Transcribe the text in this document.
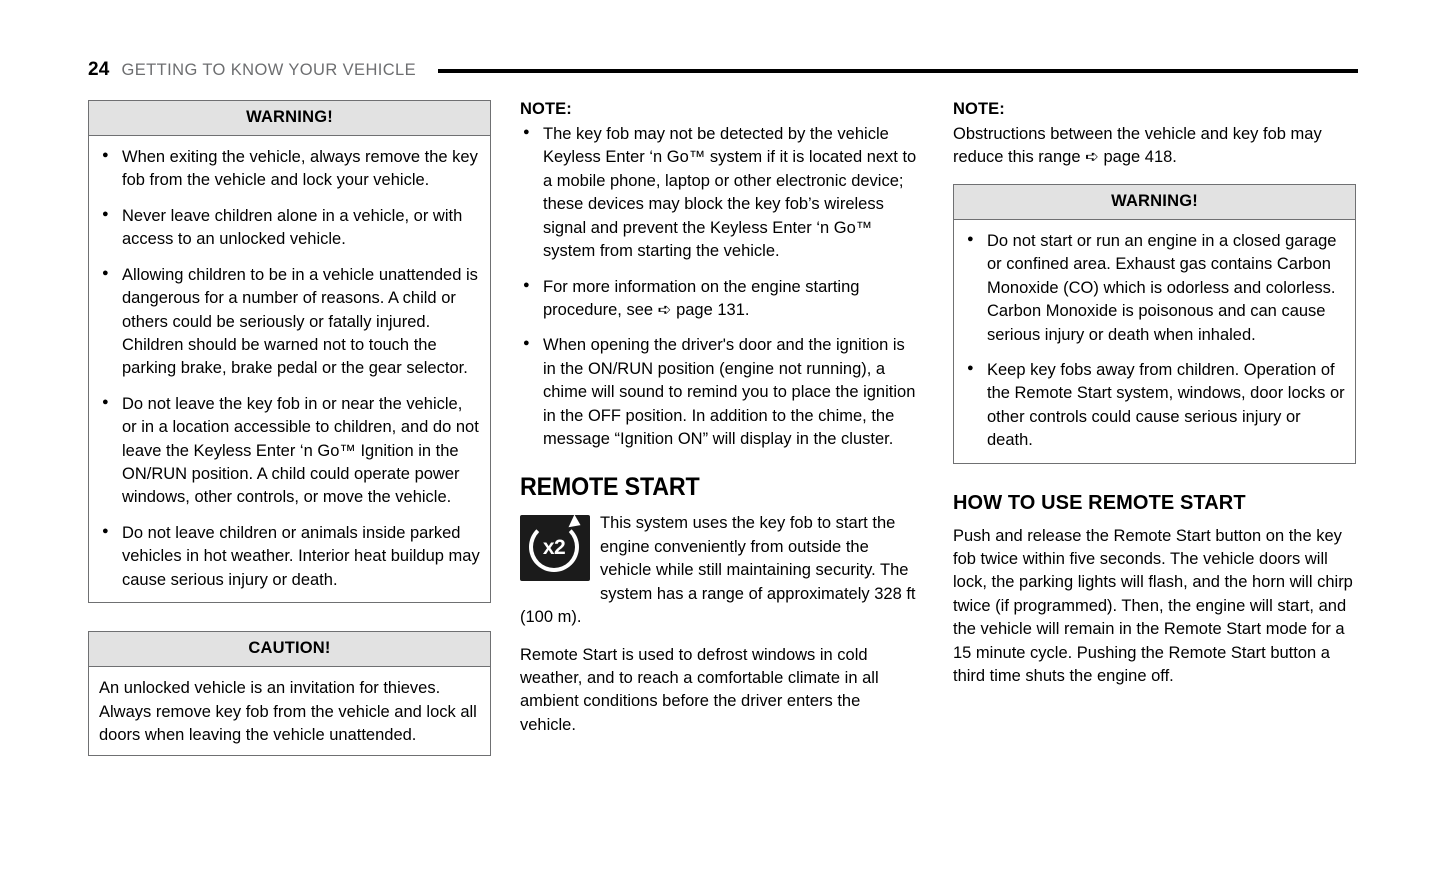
24 GETTING TO KNOW YOUR VEHICLE
WARNING!
● When exiting the vehicle, always remove the key fob from the vehicle and lock your vehicle.
● Never leave children alone in a vehicle, or with access to an unlocked vehicle.
● Allowing children to be in a vehicle unattended is dangerous for a number of reasons. A child or others could be seriously or fatally injured. Children should be warned not to touch the parking brake, brake pedal or the gear selector.
● Do not leave the key fob in or near the vehicle, or in a location accessible to children, and do not leave the Keyless Enter ‘n Go™ Ignition in the ON/RUN position. A child could operate power windows, other controls, or move the vehicle.
● Do not leave children or animals inside parked vehicles in hot weather. Interior heat buildup may cause serious injury or death.
CAUTION!

An unlocked vehicle is an invitation for thieves. Always remove key fob from the vehicle and lock all doors when leaving the vehicle unattended.

NOTE:

● The key fob may not be detected by the vehicle Keyless Enter ‘n Go™ system if it is located next to a mobile phone, laptop or other electronic device; these devices may block the key fob’s wireless signal and prevent the Keyless Enter ‘n Go™ system from starting the vehicle.
● For more information on the engine starting procedure, see ➪ page 131.
● When opening the driver's door and the ignition is in the ON/RUN position (engine not running), a chime will sound to remind you to place the ignition in the OFF position. In addition to the chime, the message “Ignition ON” will display in the cluster.
REMOTE START
x2

This system uses the key fob to start the engine conveniently from outside the vehicle while still maintaining security. The system has a range of approximately 328 ft (100 m).

Remote Start is used to defrost windows in cold weather, and to reach a comfortable climate in all ambient conditions before the driver enters the vehicle.

NOTE:

Obstructions between the vehicle and key fob may reduce this range ➪ page 418.

WARNING!
● Do not start or run an engine in a closed garage or confined area. Exhaust gas contains Carbon Monoxide (CO) which is odorless and colorless. Carbon Monoxide is poisonous and can cause serious injury or death when inhaled.
● Keep key fobs away from children. Operation of the Remote Start system, windows, door locks or other controls could cause serious injury or death.
HOW TO USE REMOTE START

Push and release the Remote Start button on the key fob twice within five seconds. The vehicle doors will lock, the parking lights will flash, and the horn will chirp twice (if programmed). Then, the engine will start, and the vehicle will remain in the Remote Start mode for a 15 minute cycle. Pushing the Remote Start button a third time shuts the engine off.
